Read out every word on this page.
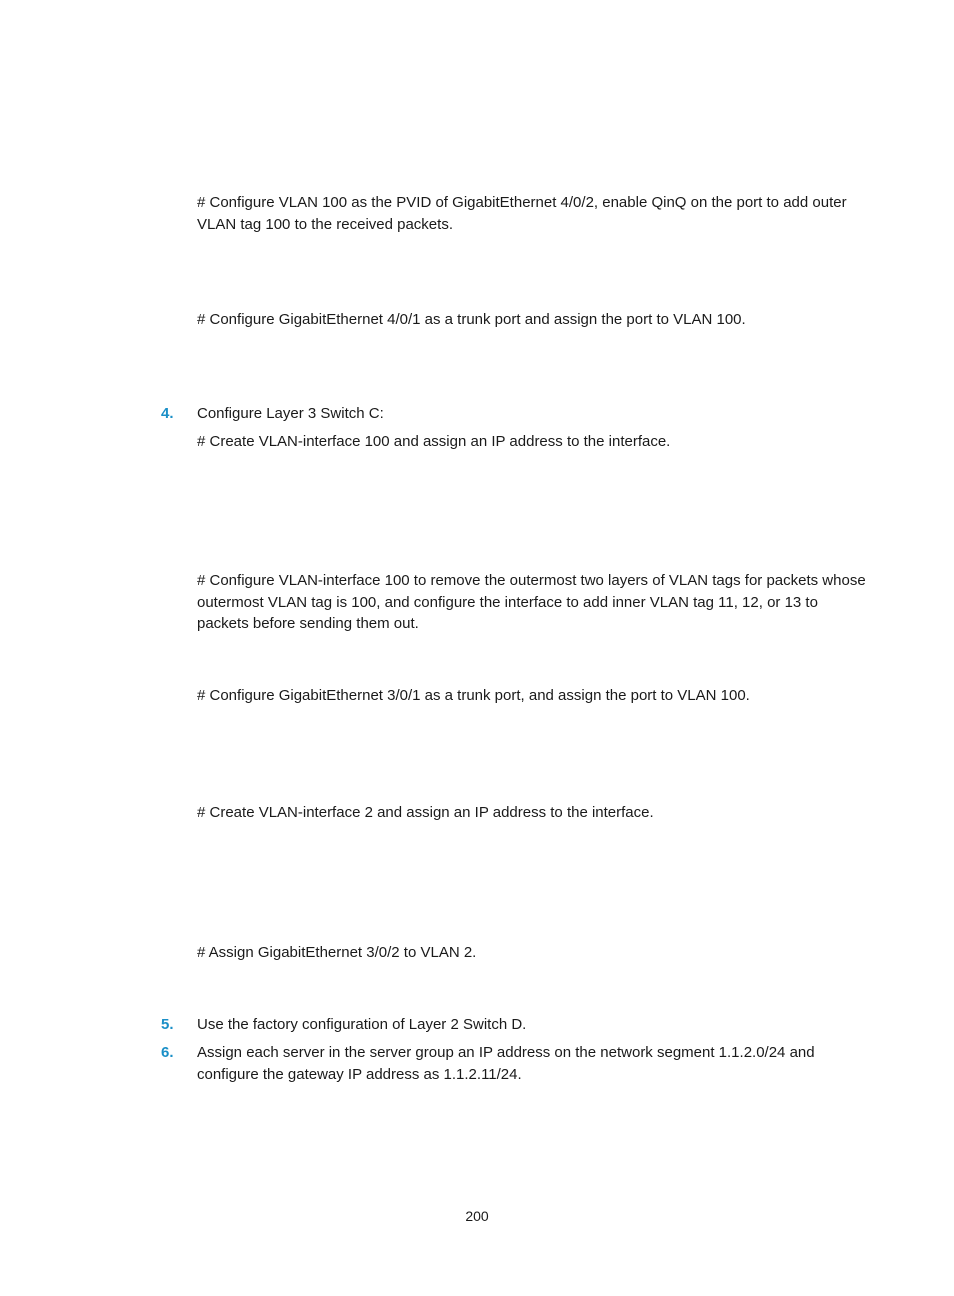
# Configure VLAN 100 as the PVID of GigabitEthernet 4/0/2, enable QinQ on the port to add outer VLAN tag 100 to the received packets.

# Configure GigabitEthernet 4/0/1 as a trunk port and assign the port to VLAN 100.

4. Configure Layer 3 Switch C:

# Create VLAN-interface 100 and assign an IP address to the interface.

# Configure VLAN-interface 100 to remove the outermost two layers of VLAN tags for packets whose outermost VLAN tag is 100, and configure the interface to add inner VLAN tag 11, 12, or 13 to packets before sending them out.

# Configure GigabitEthernet 3/0/1 as a trunk port, and assign the port to VLAN 100.

# Create VLAN-interface 2 and assign an IP address to the interface.

# Assign GigabitEthernet 3/0/2 to VLAN 2.

5. Use the factory configuration of Layer 2 Switch D.
6. Assign each server in the server group an IP address on the network segment 1.1.2.0/24 and configure the gateway IP address as 1.1.2.11/24.
200
